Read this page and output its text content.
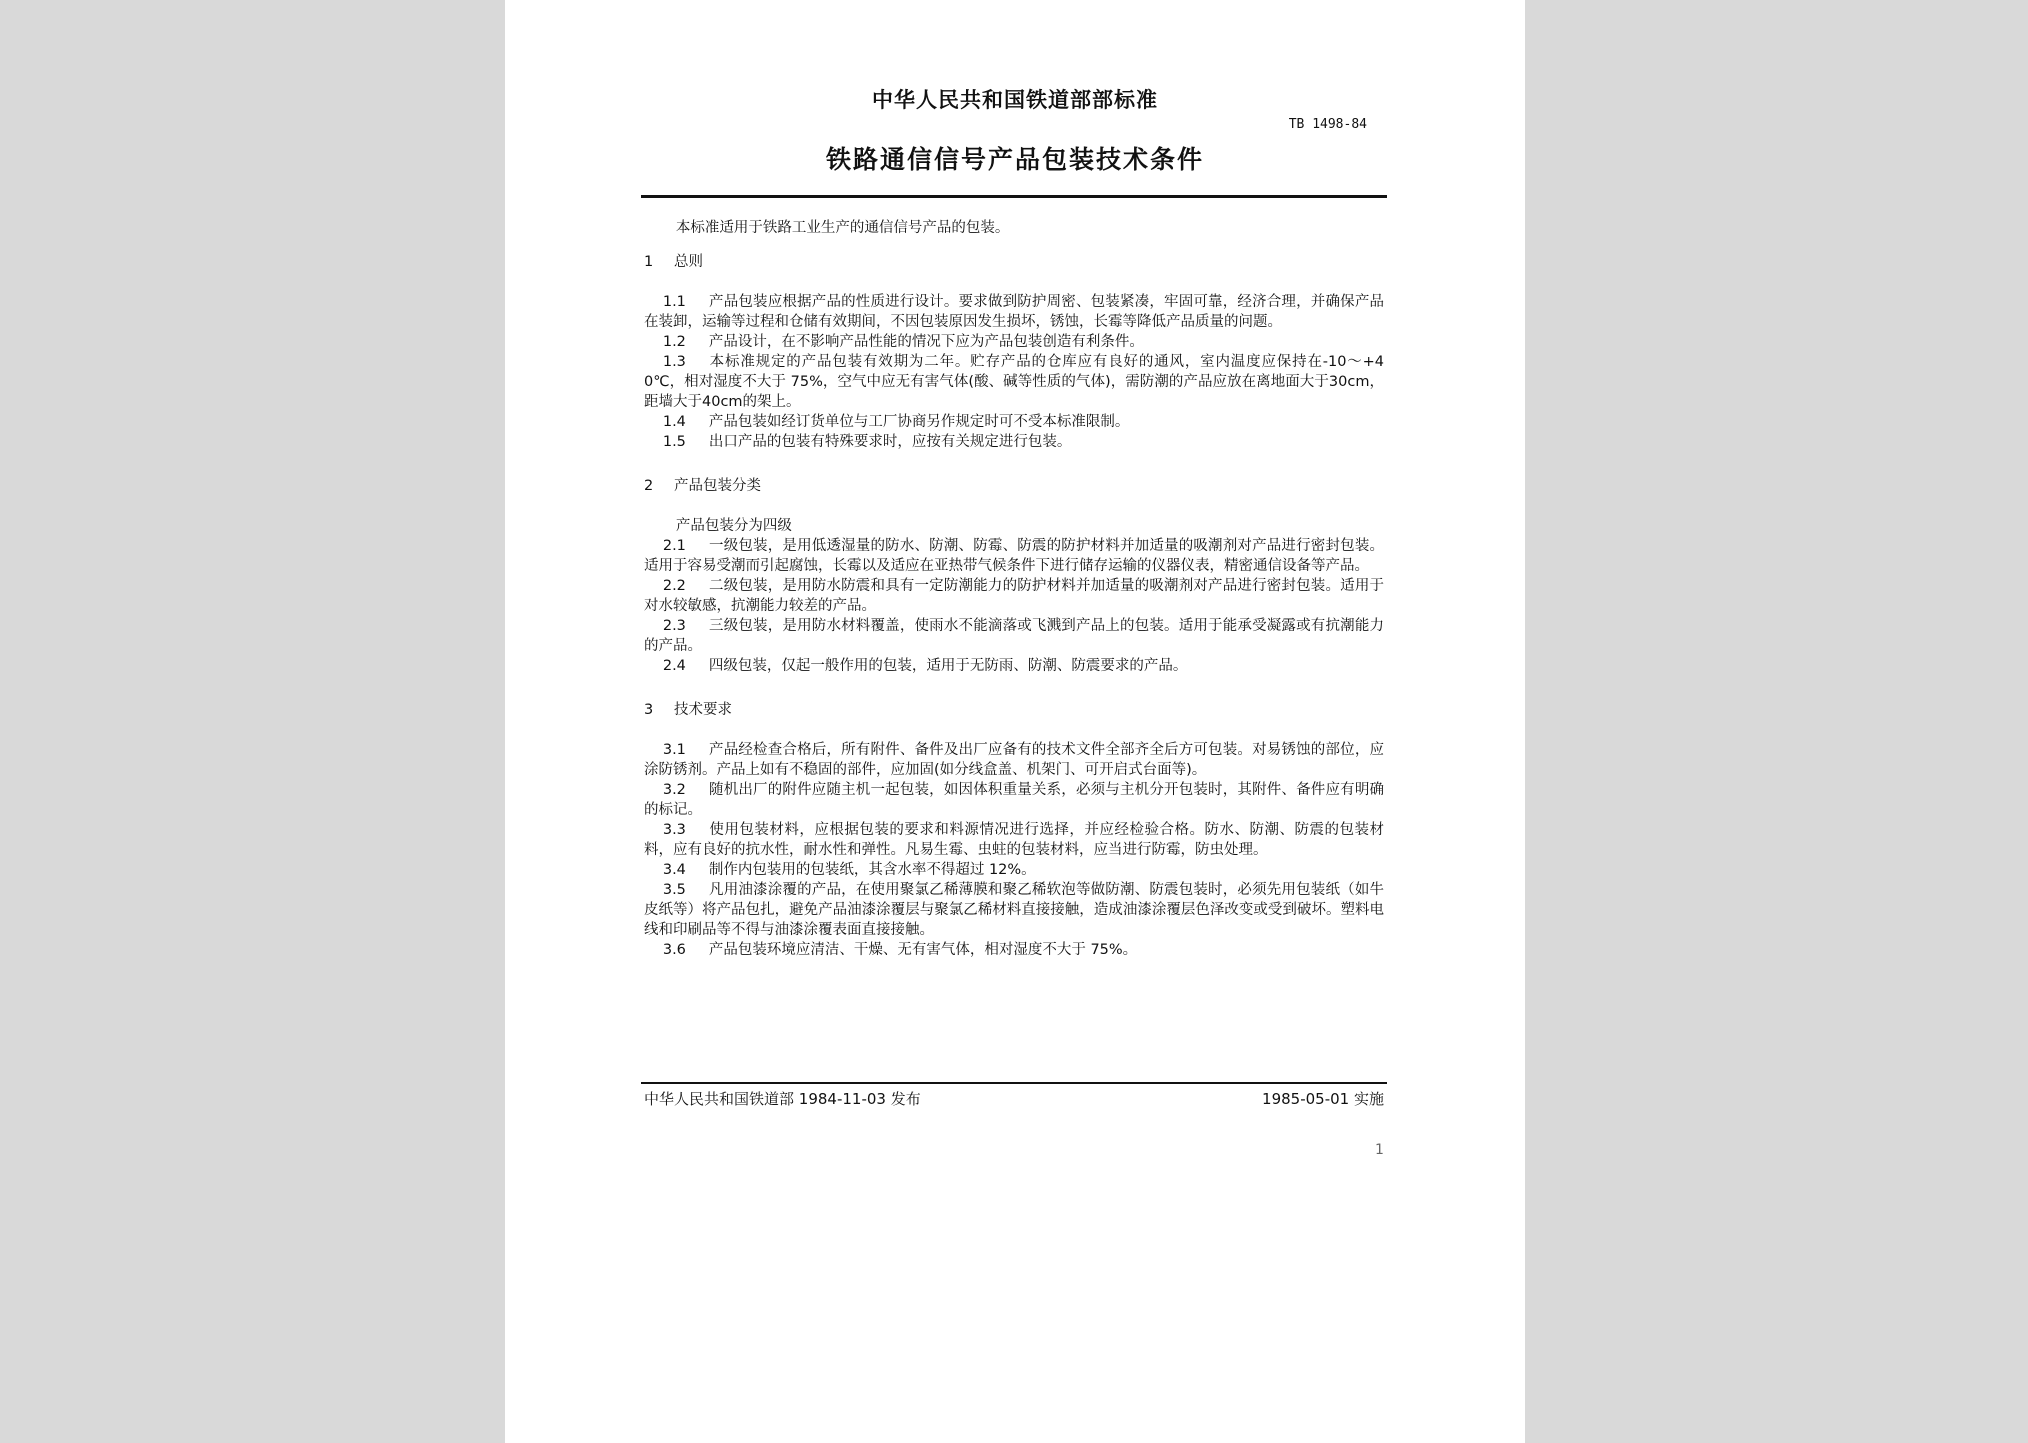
中华人民共和国铁道部部标准
TB 1498-84
铁路通信信号产品包装技术条件

本标准适用于铁路工业生产的通信信号产品的包装。

1 总则

1.1 产品包装应根据产品的性质进行设计。要求做到防护周密、包装紧凑，牢固可靠，经济合理，并确保产品在装卸，运输等过程和仓储有效期间，不因包装原因发生损坏，锈蚀，长霉等降低产品质量的问题。

1.2 产品设计，在不影响产品性能的情况下应为产品包装创造有利条件。

1.3 本标准规定的产品包装有效期为二年。贮存产品的仓库应有良好的通风，室内温度应保持在-10～+40℃，相对湿度不大于 75%，空气中应无有害气体(酸、碱等性质的气体)，需防潮的产品应放在离地面大于30cm，距墙大于40cm的架上。

1.4 产品包装如经订货单位与工厂协商另作规定时可不受本标准限制。

1.5 出口产品的包装有特殊要求时，应按有关规定进行包装。

2 产品包装分类

产品包装分为四级

2.1 一级包装，是用低透湿量的防水、防潮、防霉、防震的防护材料并加适量的吸潮剂对产品进行密封包装。适用于容易受潮而引起腐蚀，长霉以及适应在亚热带气候条件下进行储存运输的仪器仪表，精密通信设备等产品。

2.2 二级包装，是用防水防震和具有一定防潮能力的防护材料并加适量的吸潮剂对产品进行密封包装。适用于对水较敏感，抗潮能力较差的产品。

2.3 三级包装，是用防水材料覆盖，使雨水不能滴落或飞溅到产品上的包装。适用于能承受凝露或有抗潮能力的产品。

2.4 四级包装，仅起一般作用的包装，适用于无防雨、防潮、防震要求的产品。

3 技术要求

3.1 产品经检查合格后，所有附件、备件及出厂应备有的技术文件全部齐全后方可包装。对易锈蚀的部位，应涂防锈剂。产品上如有不稳固的部件，应加固(如分线盒盖、机架门、可开启式台面等)。

3.2 随机出厂的附件应随主机一起包装，如因体积重量关系，必须与主机分开包装时，其附件、备件应有明确的标记。

3.3 使用包装材料，应根据包装的要求和料源情况进行选择，并应经检验合格。防水、防潮、防震的包装材料，应有良好的抗水性，耐水性和弹性。凡易生霉、虫蛀的包装材料，应当进行防霉，防虫处理。

3.4 制作内包装用的包装纸，其含水率不得超过 12%。

3.5 凡用油漆涂覆的产品，在使用聚氯乙稀薄膜和聚乙稀软泡等做防潮、防震包装时，必须先用包装纸（如牛皮纸等）将产品包扎，避免产品油漆涂覆层与聚氯乙稀材料直接接触，造成油漆涂覆层色泽改变或受到破坏。塑料电线和印刷品等不得与油漆涂覆表面直接接触。

3.6 产品包装环境应清洁、干燥、无有害气体，相对湿度不大于 75%。

中华人民共和国铁道部 1984-11-03 发布	1985-05-01 实施
1
